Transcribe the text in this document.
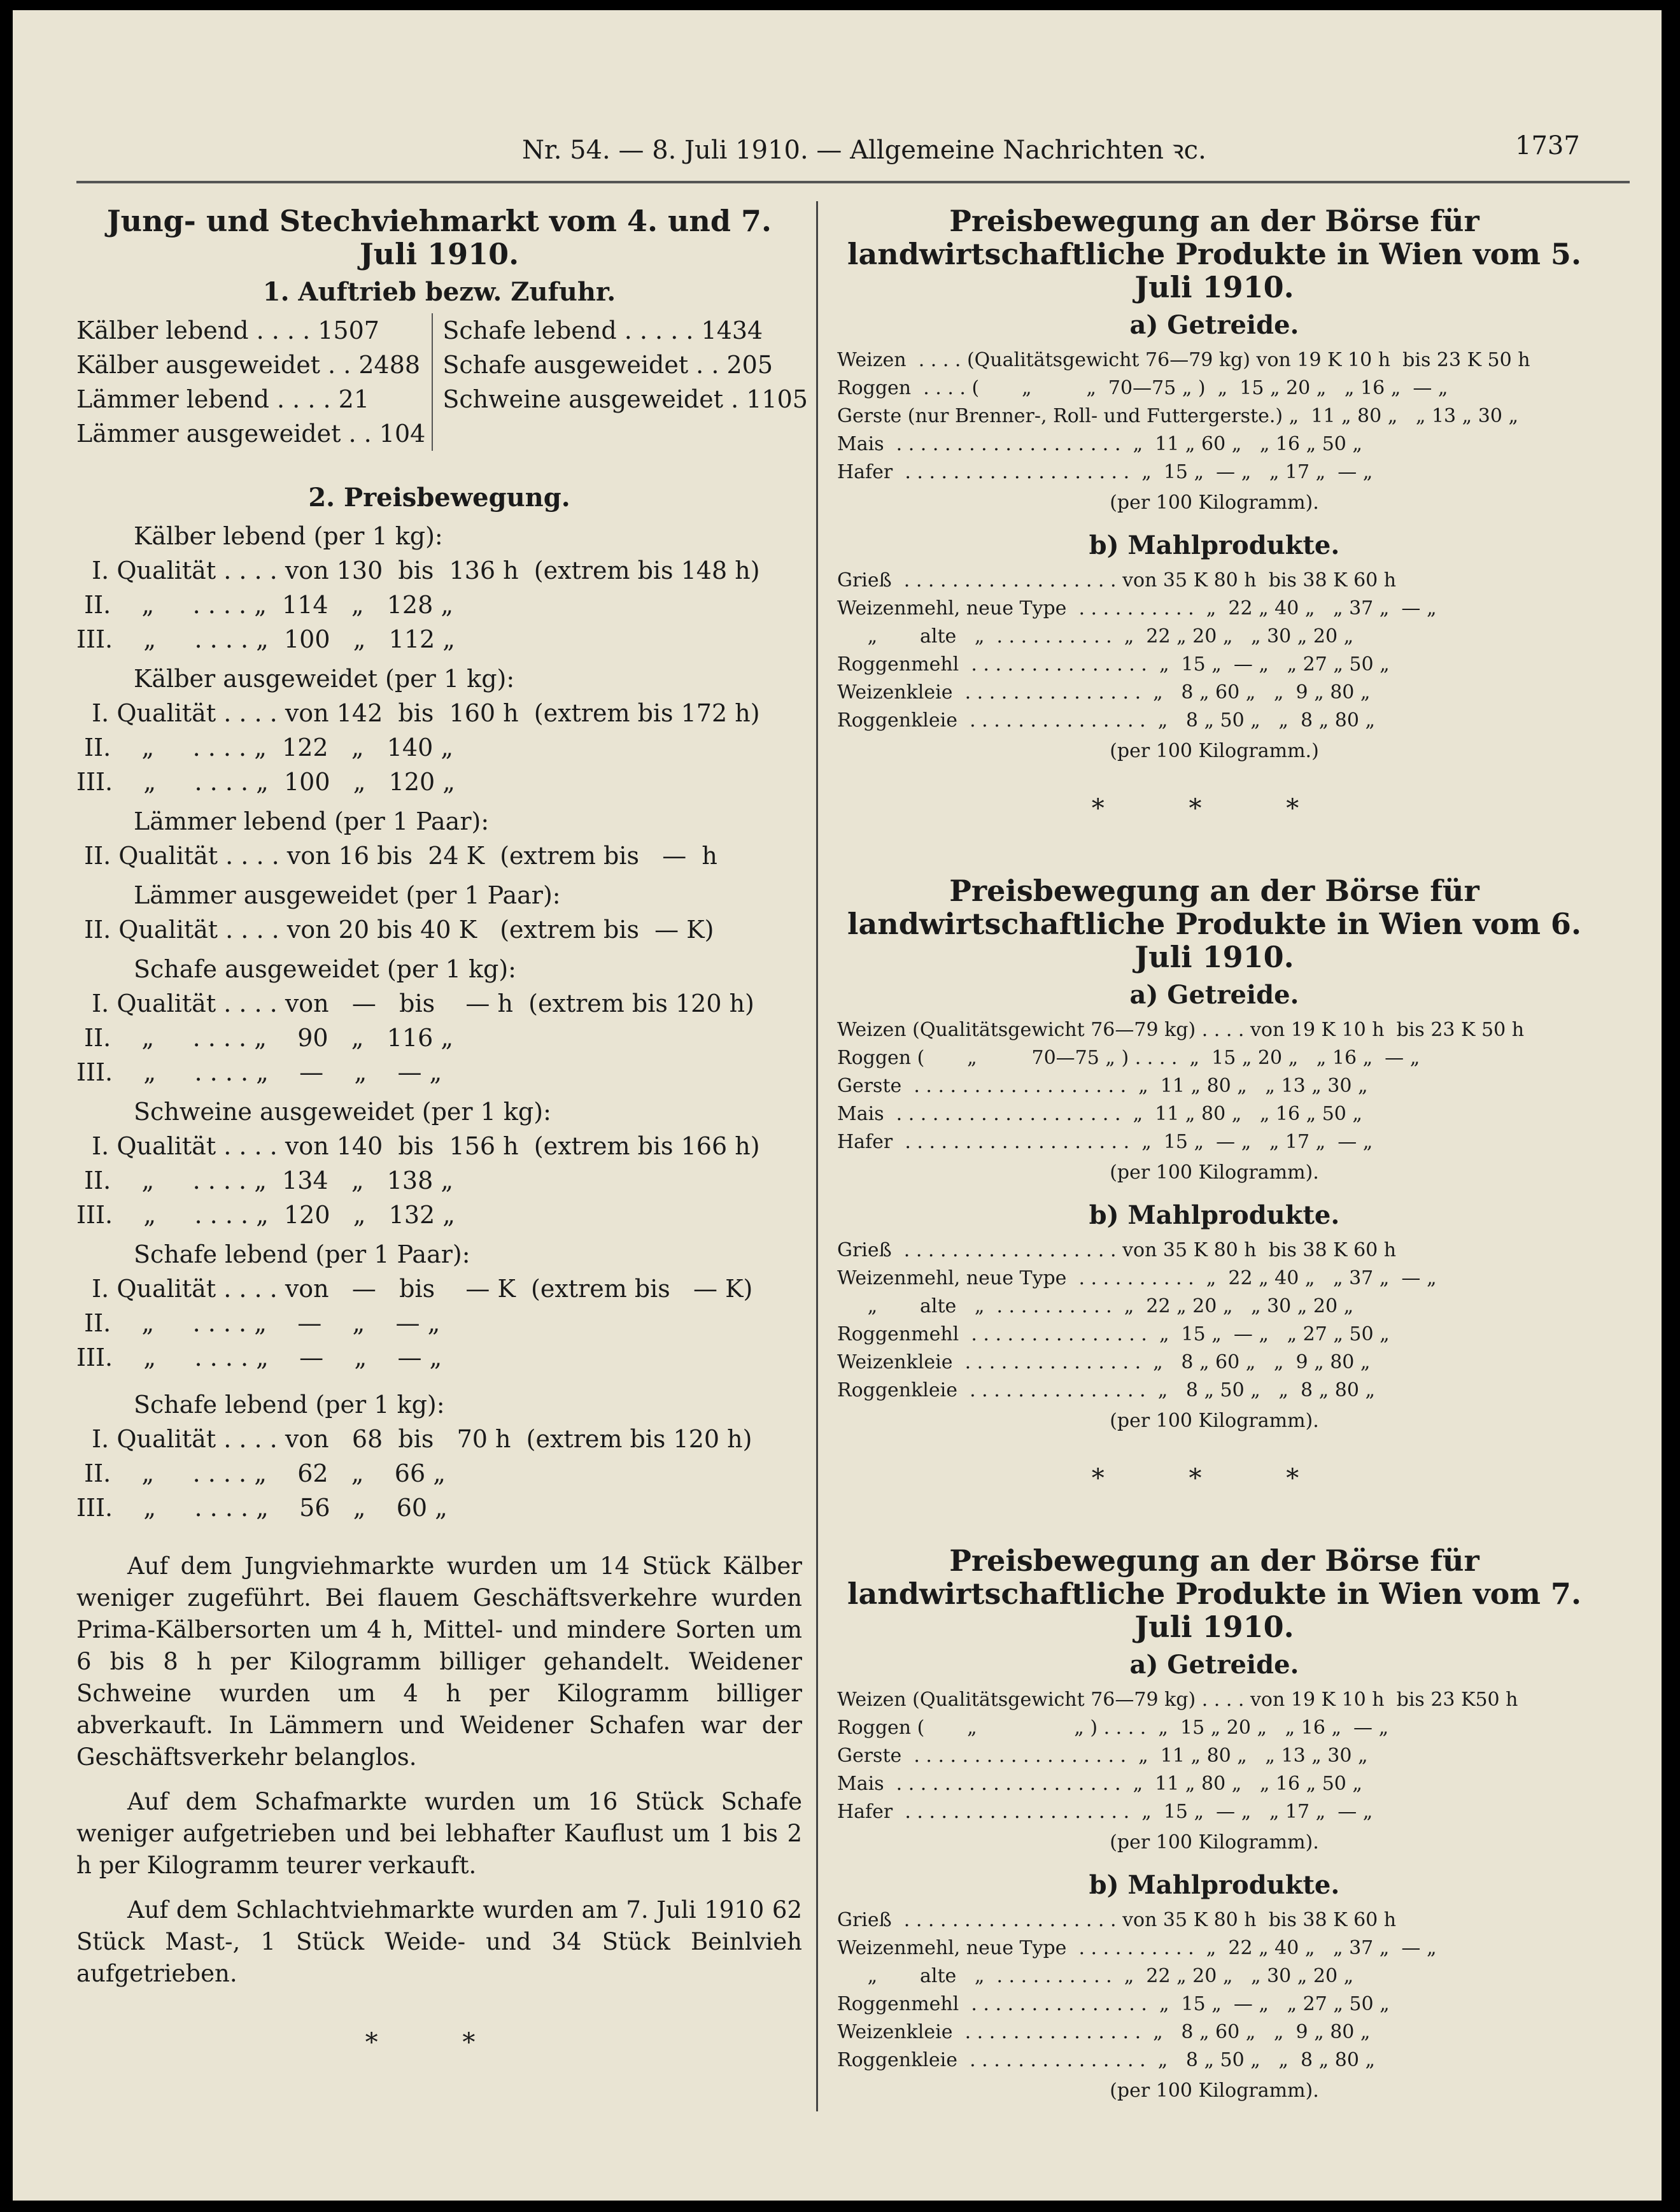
Nr. 54. — 8. Juli 1910. — Allgemeine Nachrichten ꝛc.	1737

Jung- und Stechviehmarkt vom 4. und 7. Juli 1910.

1. Auftrieb bezw. Zufuhr.

Kälber lebend . . . . 1507

Kälber ausgeweidet . . 2488

Lämmer lebend . . . . 21

Lämmer ausgeweidet . . 104

Schafe lebend . . . . . 1434

Schafe ausgeweidet . . 205

Schweine ausgeweidet . 1105

2. Preisbewegung.

Kälber lebend (per 1 kg):

I. Qualität . . . . von 130  bis  136 h  (extrem bis 148 h)

II.    „     . . . . „  114   „   128 „

III.    „     . . . . „  100   „   112 „

Kälber ausgeweidet (per 1 kg):

I. Qualität . . . . von 142  bis  160 h  (extrem bis 172 h)

II.    „     . . . . „  122   „   140 „

III.    „     . . . . „  100   „   120 „

Lämmer lebend (per 1 Paar):

II. Qualität . . . . von 16 bis  24 K  (extrem bis   —  h

Lämmer ausgeweidet (per 1 Paar):

II. Qualität . . . . von 20 bis 40 K   (extrem bis  — K)

Schafe ausgeweidet (per 1 kg):

I. Qualität . . . . von   —   bis    — h  (extrem bis 120 h)

II.    „     . . . . „    90   „   116 „

III.    „     . . . . „    —    „    — „

Schweine ausgeweidet (per 1 kg):

I. Qualität . . . . von 140  bis  156 h  (extrem bis 166 h)

II.    „     . . . . „  134   „   138 „

III.    „     . . . . „  120   „   132 „

Schafe lebend (per 1 Paar):

I. Qualität . . . . von   —   bis    — K  (extrem bis   — K)

II.    „     . . . . „    —    „    — „

III.    „     . . . . „    —    „    — „

Schafe lebend (per 1 kg):

I. Qualität . . . . von   68  bis   70 h  (extrem bis 120 h)

II.    „     . . . . „    62   „    66 „

III.    „     . . . . „    56   „    60 „

Auf dem Jungviehmarkte wurden um 14 Stück Kälber weniger zugeführt. Bei flauem Geschäftsverkehre wurden Prima-Kälbersorten um 4 h, Mittel- und mindere Sorten um 6 bis 8 h per Kilogramm billiger gehandelt. Weidener Schweine wurden um 4 h per Kilogramm billiger abverkauft. In Lämmern und Weidener Schafen war der Geschäftsverkehr belanglos.

Auf dem Schafmarkte wurden um 16 Stück Schafe weniger aufgetrieben und bei lebhafter Kauflust um 1 bis 2 h per Kilogramm teurer verkauft.

Auf dem Schlachtviehmarkte wurden am 7. Juli 1910 62 Stück Mast-, 1 Stück Weide- und 34 Stück Beinlvieh aufgetrieben.

* *

Preisbewegung an der Börse für landwirtschaftliche Produkte in Wien vom 5. Juli 1910.

a) Getreide.

Weizen  . . . . (Qualitätsgewicht 76—79 kg) von 19 K 10 h  bis 23 K 50 h

Roggen  . . . . (       „         „  70—75 „ )  „  15 „ 20 „   „ 16 „  — „

Gerste (nur Brenner-, Roll- und Futtergerste.) „  11 „ 80 „   „ 13 „ 30 „

Mais  . . . . . . . . . . . . . . . . . . .  „  11 „ 60 „   „ 16 „ 50 „

Hafer  . . . . . . . . . . . . . . . . . . .  „  15 „  — „   „ 17 „  — „

(per 100 Kilogramm).

b) Mahlprodukte.

Grieß  . . . . . . . . . . . . . . . . . . von 35 K 80 h  bis 38 K 60 h

Weizenmehl, neue Type  . . . . . . . . . .  „  22 „ 40 „   „ 37 „  — „

„       alte   „  . . . . . . . . . .  „  22 „ 20 „   „ 30 „ 20 „

Roggenmehl  . . . . . . . . . . . . . . .  „  15 „  — „   „ 27 „ 50 „

Weizenkleie  . . . . . . . . . . . . . . .  „   8 „ 60 „   „  9 „ 80 „

Roggenkleie  . . . . . . . . . . . . . . .  „   8 „ 50 „   „  8 „ 80 „

(per 100 Kilogramm.)

* * *

Preisbewegung an der Börse für landwirtschaftliche Produkte in Wien vom 6. Juli 1910.

a) Getreide.

Weizen (Qualitätsgewicht 76—79 kg) . . . . von 19 K 10 h  bis 23 K 50 h

Roggen (       „         70—75 „ ) . . . .  „  15 „ 20 „   „ 16 „  — „

Gerste  . . . . . . . . . . . . . . . . . .  „  11 „ 80 „   „ 13 „ 30 „

Mais  . . . . . . . . . . . . . . . . . . .  „  11 „ 80 „   „ 16 „ 50 „

Hafer  . . . . . . . . . . . . . . . . . . .  „  15 „  — „   „ 17 „  — „

(per 100 Kilogramm).

b) Mahlprodukte.

Grieß  . . . . . . . . . . . . . . . . . . von 35 K 80 h  bis 38 K 60 h

Weizenmehl, neue Type  . . . . . . . . . .  „  22 „ 40 „   „ 37 „  — „

„       alte   „  . . . . . . . . . .  „  22 „ 20 „   „ 30 „ 20 „

Roggenmehl  . . . . . . . . . . . . . . .  „  15 „  — „   „ 27 „ 50 „

Weizenkleie  . . . . . . . . . . . . . . .  „   8 „ 60 „   „  9 „ 80 „

Roggenkleie  . . . . . . . . . . . . . . .  „   8 „ 50 „   „  8 „ 80 „

(per 100 Kilogramm).

* * *

Preisbewegung an der Börse für landwirtschaftliche Produkte in Wien vom 7. Juli 1910.

a) Getreide.

Weizen (Qualitätsgewicht 76—79 kg) . . . . von 19 K 10 h  bis 23 K50 h

Roggen (       „                „ ) . . . .  „  15 „ 20 „   „ 16 „  — „

Gerste  . . . . . . . . . . . . . . . . . .  „  11 „ 80 „   „ 13 „ 30 „

Mais  . . . . . . . . . . . . . . . . . . .  „  11 „ 80 „   „ 16 „ 50 „

Hafer  . . . . . . . . . . . . . . . . . . .  „  15 „  — „   „ 17 „  — „

(per 100 Kilogramm).

b) Mahlprodukte.

Grieß  . . . . . . . . . . . . . . . . . . von 35 K 80 h  bis 38 K 60 h

Weizenmehl, neue Type  . . . . . . . . . .  „  22 „ 40 „   „ 37 „  — „

„       alte   „  . . . . . . . . . .  „  22 „ 20 „   „ 30 „ 20 „

Roggenmehl  . . . . . . . . . . . . . . .  „  15 „  — „   „ 27 „ 50 „

Weizenkleie  . . . . . . . . . . . . . . .  „   8 „ 60 „   „  9 „ 80 „

Roggenkleie  . . . . . . . . . . . . . . .  „   8 „ 50 „   „  8 „ 80 „

(per 100 Kilogramm).
